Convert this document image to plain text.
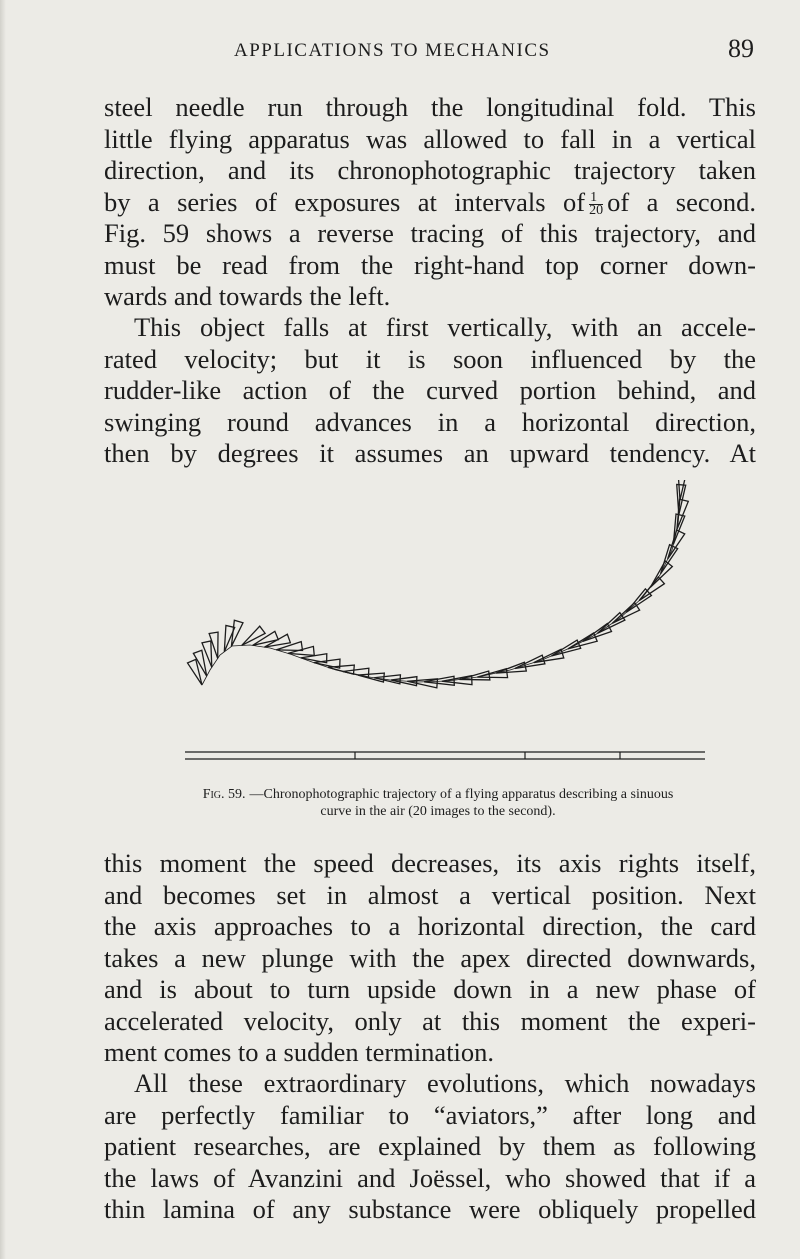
APPLICATIONS TO MECHANICS	89
steel needle run through the longitudinal fold. This
little flying apparatus was allowed to fall in a vertical
direction, and its chronophotographic trajectory taken
by a series of exposures at intervals of $\frac{1}{20}$ of a second.
Fig. 59 shows a reverse tracing of this trajectory, and
must be read from the right-hand top corner down-
wards and towards the left.
This object falls at first vertically, with an accele-
rated velocity; but it is soon influenced by the
rudder-like action of the curved portion behind, and
swinging round advances in a horizontal direction,
then by degrees it assumes an upward tendency. At
Fig. 59. —Chronophotographic trajectory of a flying apparatus describing a sinuous
curve in the air (20 images to the second).
this moment the speed decreases, its axis rights itself,
and becomes set in almost a vertical position. Next
the axis approaches to a horizontal direction, the card
takes a new plunge with the apex directed downwards,
and is about to turn upside down in a new phase of
accelerated velocity, only at this moment the experi-
ment comes to a sudden termination.
All these extraordinary evolutions, which nowadays
are perfectly familiar to “aviators,” after long and
patient researches, are explained by them as following
the laws of Avanzini and Joëssel, who showed that if a
thin lamina of any substance were obliquely propelled
